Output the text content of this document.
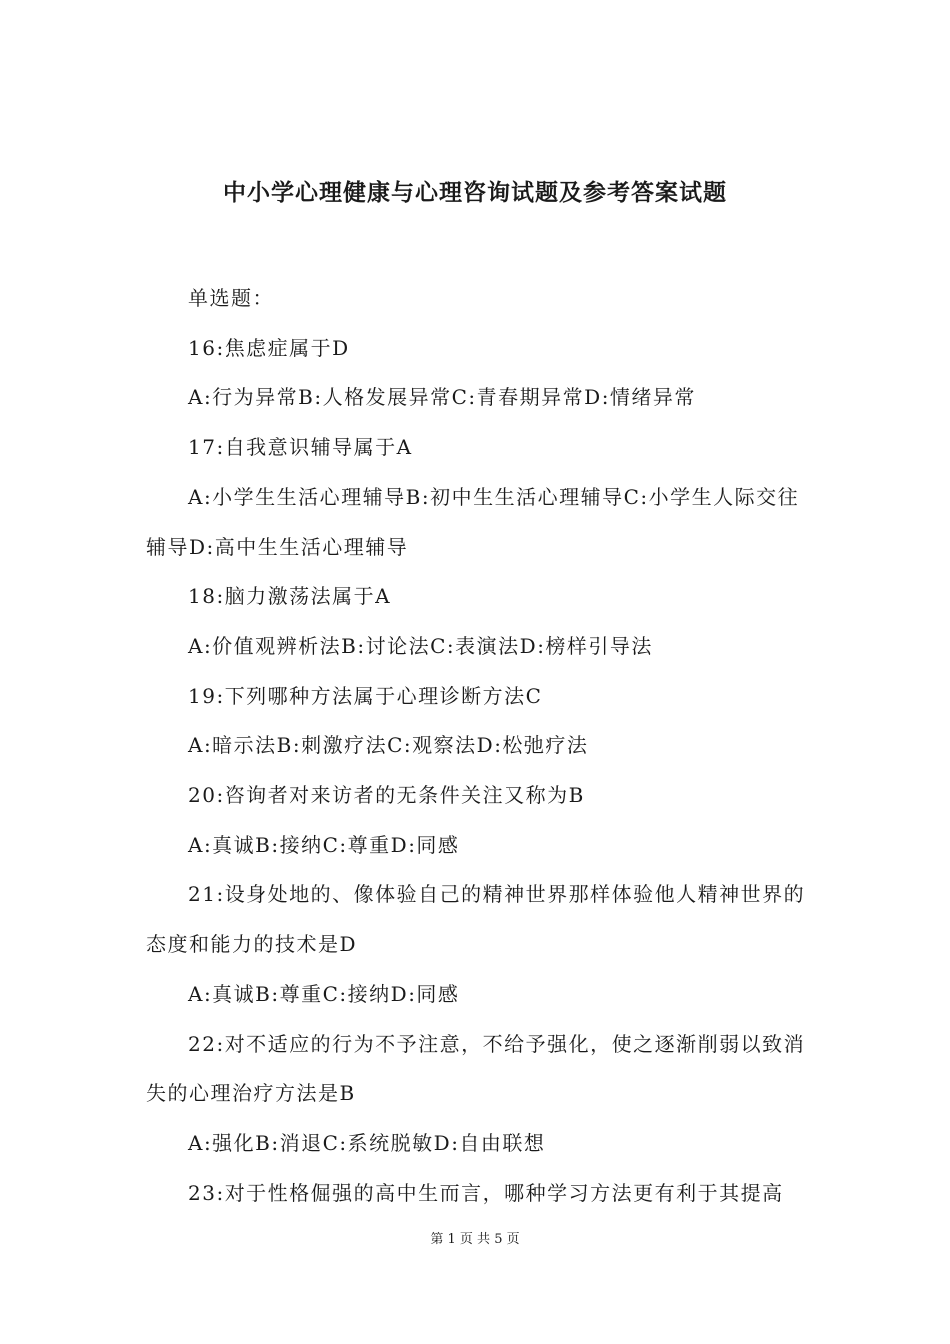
中小学心理健康与心理咨询试题及参考答案试题

单选题：

16:焦虑症属于D

A:行为异常B:人格发展异常C:青春期异常D:情绪异常

17:自我意识辅导属于A

A:小学生生活心理辅导B:初中生生活心理辅导C:小学生人际交往辅导D:高中生生活心理辅导

18:脑力激荡法属于A

A:价值观辨析法B:讨论法C:表演法D:榜样引导法

19:下列哪种方法属于心理诊断方法C

A:暗示法B:刺激疗法C:观察法D:松弛疗法

20:咨询者对来访者的无条件关注又称为B

A:真诚B:接纳C:尊重D:同感

21:设身处地的、像体验自己的精神世界那样体验他人精神世界的态度和能力的技术是D

A:真诚B:尊重C:接纳D:同感

22:对不适应的行为不予注意，不给予强化，使之逐渐削弱以致消失的心理治疗方法是B

A:强化B:消退C:系统脱敏D:自由联想

23:对于性格倔强的高中生而言，哪种学习方法更有利于其提高

第 1 页 共 5 页
